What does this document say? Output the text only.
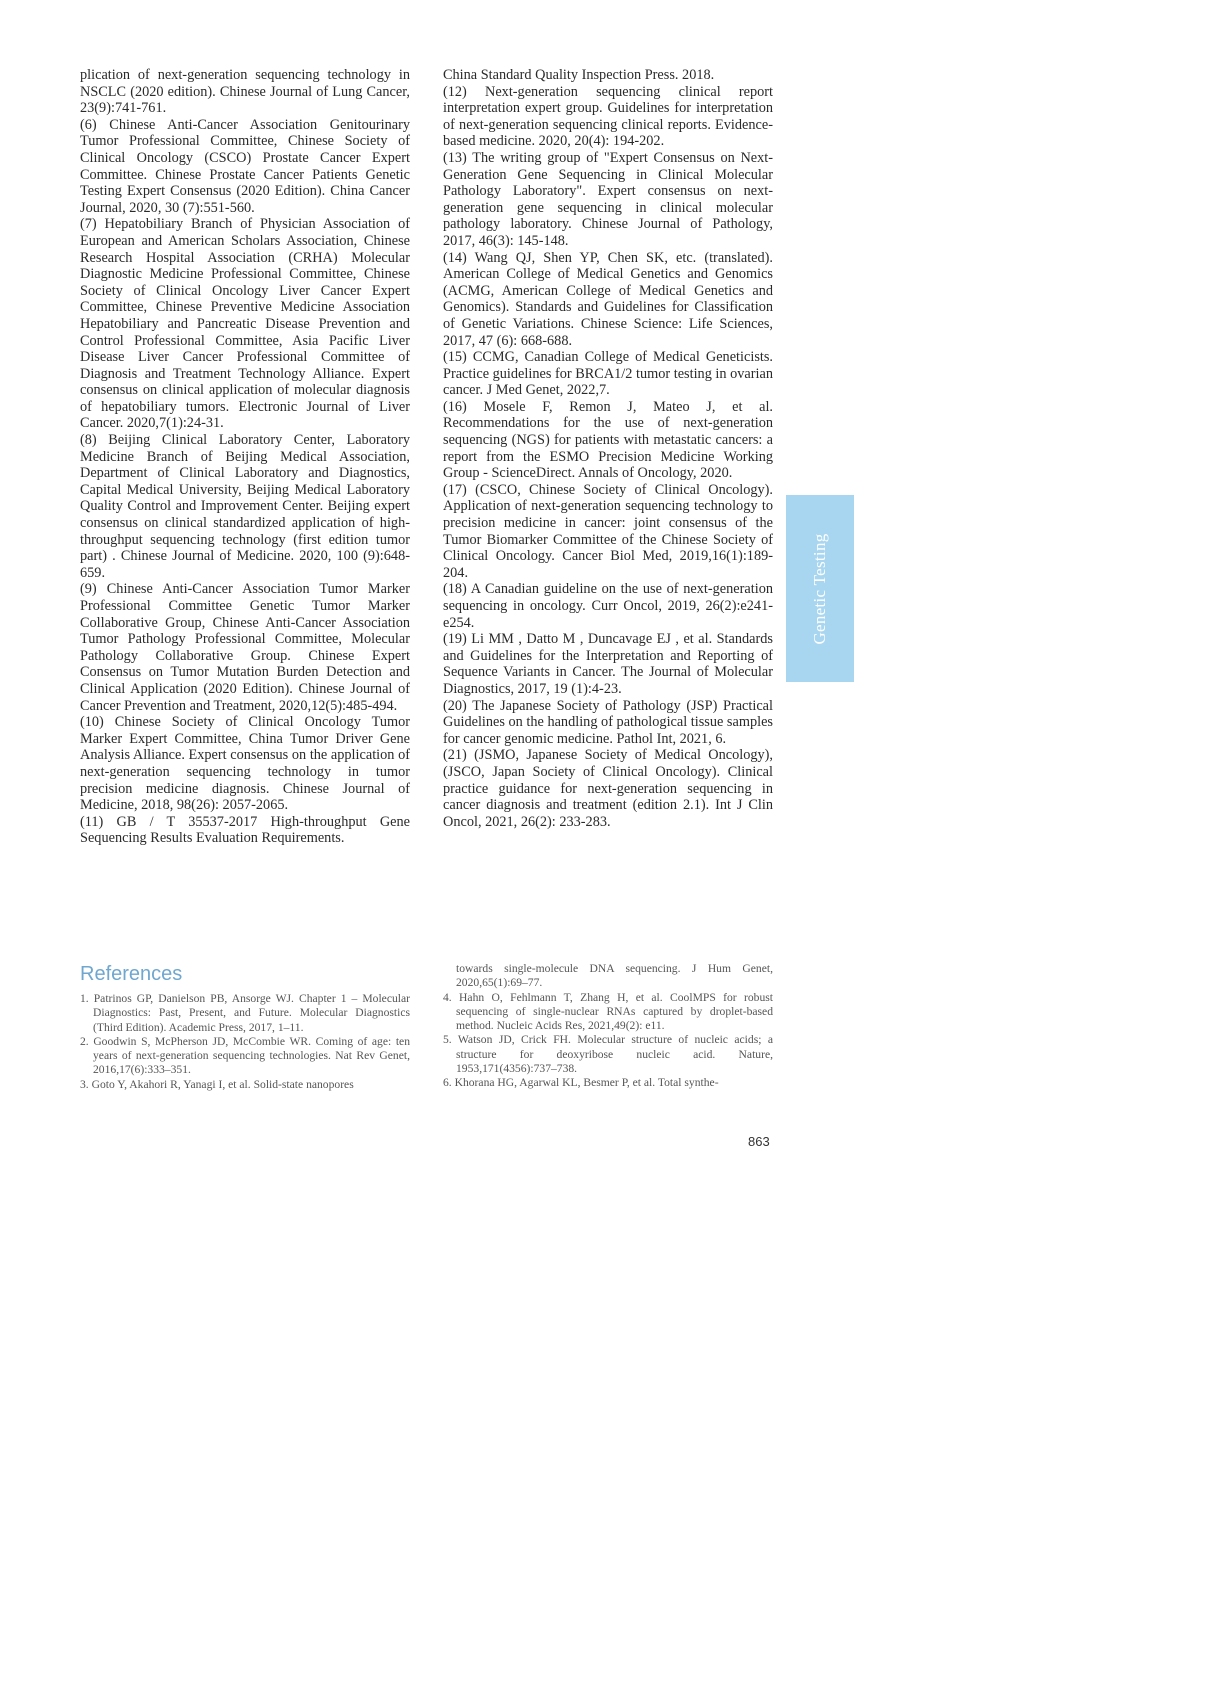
plication of next-generation sequencing technology in NSCLC (2020 edition). Chinese Journal of Lung Cancer, 23(9):741-761.

(6) Chinese Anti-Cancer Association Genitourinary Tumor Professional Committee, Chinese Society of Clinical Oncology (CSCO) Prostate Cancer Expert Committee. Chinese Prostate Cancer Patients Genetic Testing Expert Consensus (2020 Edition). China Cancer Journal, 2020, 30 (7):551-560.

(7) Hepatobiliary Branch of Physician Association of European and American Scholars Association, Chinese Research Hospital Association (CRHA) Molecular Diagnostic Medicine Professional Committee, Chinese Society of Clinical Oncology Liver Cancer Expert Committee, Chinese Preventive Medicine Association Hepatobiliary and Pancreatic Disease Prevention and Control Professional Committee, Asia Pacific Liver Disease Liver Cancer Professional Committee of Diagnosis and Treatment Technology Alliance. Expert consensus on clinical application of molecular diagnosis of hepatobiliary tumors. Electronic Journal of Liver Cancer. 2020,7(1):24-31.

(8) Beijing Clinical Laboratory Center, Laboratory Medicine Branch of Beijing Medical Association, Department of Clinical Laboratory and Diagnostics, Capital Medical University, Beijing Medical Laboratory Quality Control and Improvement Center. Beijing expert consensus on clinical standardized application of high-throughput sequencing technology (first edition tumor part) . Chinese Journal of Medicine. 2020, 100 (9):648-659.

(9) Chinese Anti-Cancer Association Tumor Marker Professional Committee Genetic Tumor Marker Collaborative Group, Chinese Anti-Cancer Association Tumor Pathology Professional Committee, Molecular Pathology Collaborative Group. Chinese Expert Consensus on Tumor Mutation Burden Detection and Clinical Application (2020 Edition). Chinese Journal of Cancer Prevention and Treatment, 2020,12(5):485-494.

(10) Chinese Society of Clinical Oncology Tumor Marker Expert Committee, China Tumor Driver Gene Analysis Alliance. Expert consensus on the application of next-generation sequencing technology in tumor precision medicine diagnosis. Chinese Journal of Medicine, 2018, 98(26): 2057-2065.

(11) GB / T 35537-2017 High-throughput Gene Sequencing Results Evaluation Requirements.

China Standard Quality Inspection Press. 2018.

(12) Next-generation sequencing clinical report interpretation expert group. Guidelines for interpretation of next-generation sequencing clinical reports. Evidence-based medicine. 2020, 20(4): 194-202.

(13) The writing group of "Expert Consensus on Next-Generation Gene Sequencing in Clinical Molecular Pathology Laboratory". Expert consensus on next-generation gene sequencing in clinical molecular pathology laboratory. Chinese Journal of Pathology, 2017, 46(3): 145-148.

(14) Wang QJ, Shen YP, Chen SK, etc. (translated). American College of Medical Genetics and Genomics (ACMG, American College of Medical Genetics and Genomics). Standards and Guidelines for Classification of Genetic Variations. Chinese Science: Life Sciences, 2017, 47 (6): 668-688.

(15) CCMG, Canadian College of Medical Geneticists. Practice guidelines for BRCA1/2 tumor testing in ovarian cancer. J Med Genet, 2022,7.

(16) Mosele F, Remon J, Mateo J, et al. Recommendations for the use of next-generation sequencing (NGS) for patients with metastatic cancers: a report from the ESMO Precision Medicine Working Group - ScienceDirect. Annals of Oncology, 2020.

(17) (CSCO, Chinese Society of Clinical Oncology). Application of next-generation sequencing technology to precision medicine in cancer: joint consensus of the Tumor Biomarker Committee of the Chinese Society of Clinical Oncology. Cancer Biol Med, 2019,16(1):189-204.

(18) A Canadian guideline on the use of next-generation sequencing in oncology. Curr Oncol, 2019, 26(2):e241-e254.

(19) Li MM , Datto M , Duncavage EJ , et al. Standards and Guidelines for the Interpretation and Reporting of Sequence Variants in Cancer. The Journal of Molecular Diagnostics, 2017, 19 (1):4-23.

(20) The Japanese Society of Pathology (JSP) Practical Guidelines on the handling of pathological tissue samples for cancer genomic medicine. Pathol Int, 2021, 6.

(21) (JSMO, Japanese Society of Medical Oncology), (JSCO, Japan Society of Clinical Oncology). Clinical practice guidance for next-generation sequencing in cancer diagnosis and treatment (edition 2.1). Int J Clin Oncol, 2021, 26(2): 233-283.

Genetic Testing
References

1. Patrinos GP, Danielson PB, Ansorge WJ. Chapter 1 – Molecular Diagnostics: Past, Present, and Future. Molecular Diagnostics (Third Edition). Academic Press, 2017, 1–11.

2. Goodwin S, McPherson JD, McCombie WR. Coming of age: ten years of next-generation sequencing technologies. Nat Rev Genet, 2016,17(6):333–351.

3. Goto Y, Akahori R, Yanagi I, et al. Solid-state nanopores

towards single-molecule DNA sequencing. J Hum Genet, 2020,65(1):69–77.

4. Hahn O, Fehlmann T, Zhang H, et al. CoolMPS for robust sequencing of single-nuclear RNAs captured by droplet-based method. Nucleic Acids Res, 2021,49(2): e11.

5. Watson JD, Crick FH. Molecular structure of nucleic acids; a structure for deoxyribose nucleic acid. Nature, 1953,171(4356):737–738.

6. Khorana HG, Agarwal KL, Besmer P, et al. Total synthe-

863
